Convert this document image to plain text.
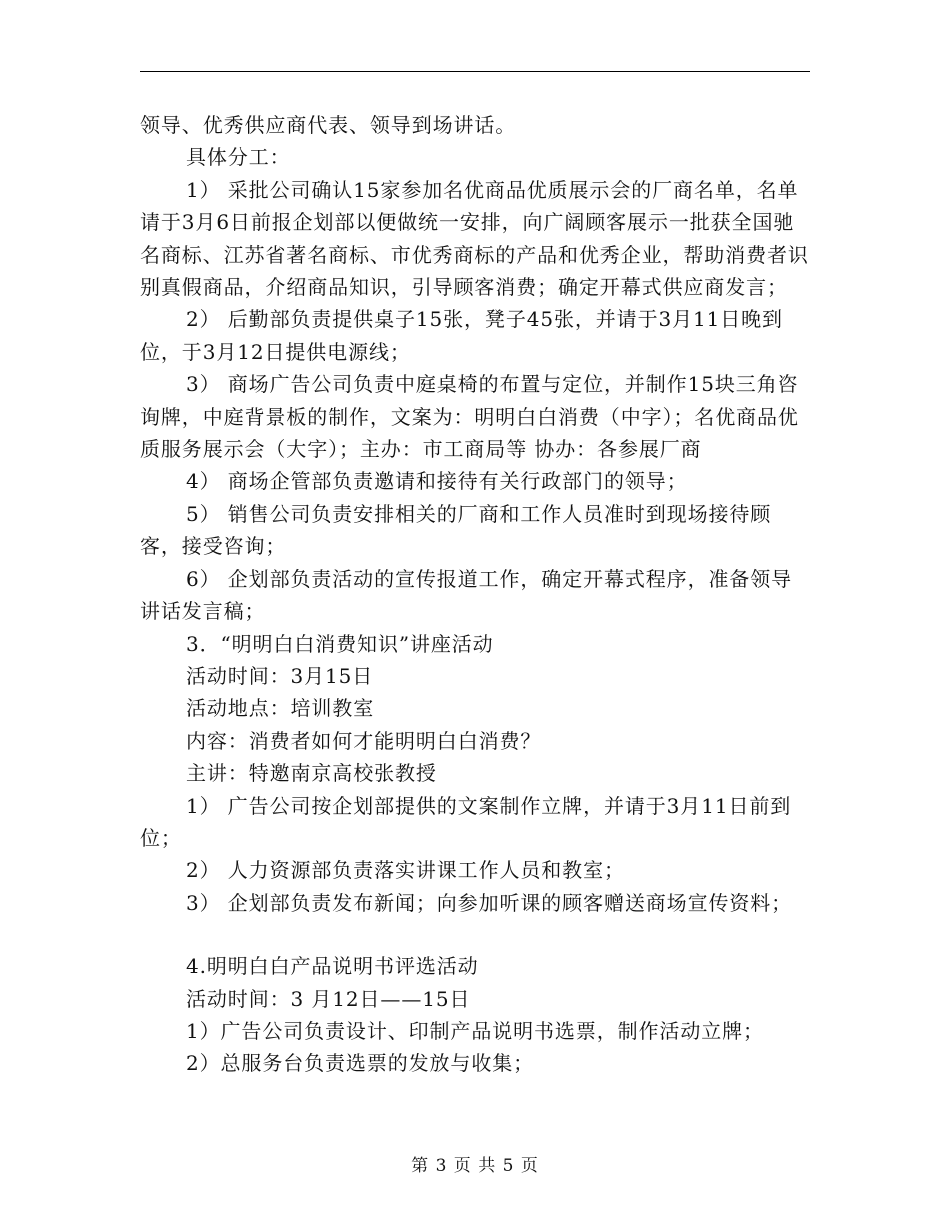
领导、优秀供应商代表、领导到场讲话。

具体分工：

1） 采批公司确认15家参加名优商品优质展示会的厂商名单，名单请于3月6日前报企划部以便做统一安排，向广阔顾客展示一批获全国驰名商标、江苏省著名商标、市优秀商标的产品和优秀企业，帮助消费者识别真假商品，介绍商品知识，引导顾客消费；确定开幕式供应商发言；

2） 后勤部负责提供桌子15张，凳子45张，并请于3月11日晚到位，于3月12日提供电源线；

3） 商场广告公司负责中庭桌椅的布置与定位，并制作15块三角咨询牌，中庭背景板的制作，文案为：明明白白消费（中字）；名优商品优质服务展示会（大字）；主办：市工商局等 协办：各参展厂商

4） 商场企管部负责邀请和接待有关行政部门的领导；

5） 销售公司负责安排相关的厂商和工作人员准时到现场接待顾客，接受咨询；

6） 企划部负责活动的宣传报道工作，确定开幕式程序，准备领导讲话发言稿；

3．“明明白白消费知识”讲座活动

活动时间：3月15日

活动地点：培训教室

内容：消费者如何才能明明白白消费？

主讲：特邀南京高校张教授

1） 广告公司按企划部提供的文案制作立牌，并请于3月11日前到位；

2） 人力资源部负责落实讲课工作人员和教室；

3） 企划部负责发布新闻；向参加听课的顾客赠送商场宣传资料；

4.明明白白产品说明书评选活动

活动时间：3 月12日——15日

1）广告公司负责设计、印制产品说明书选票，制作活动立牌；

2）总服务台负责选票的发放与收集；

第 3 页 共 5 页
